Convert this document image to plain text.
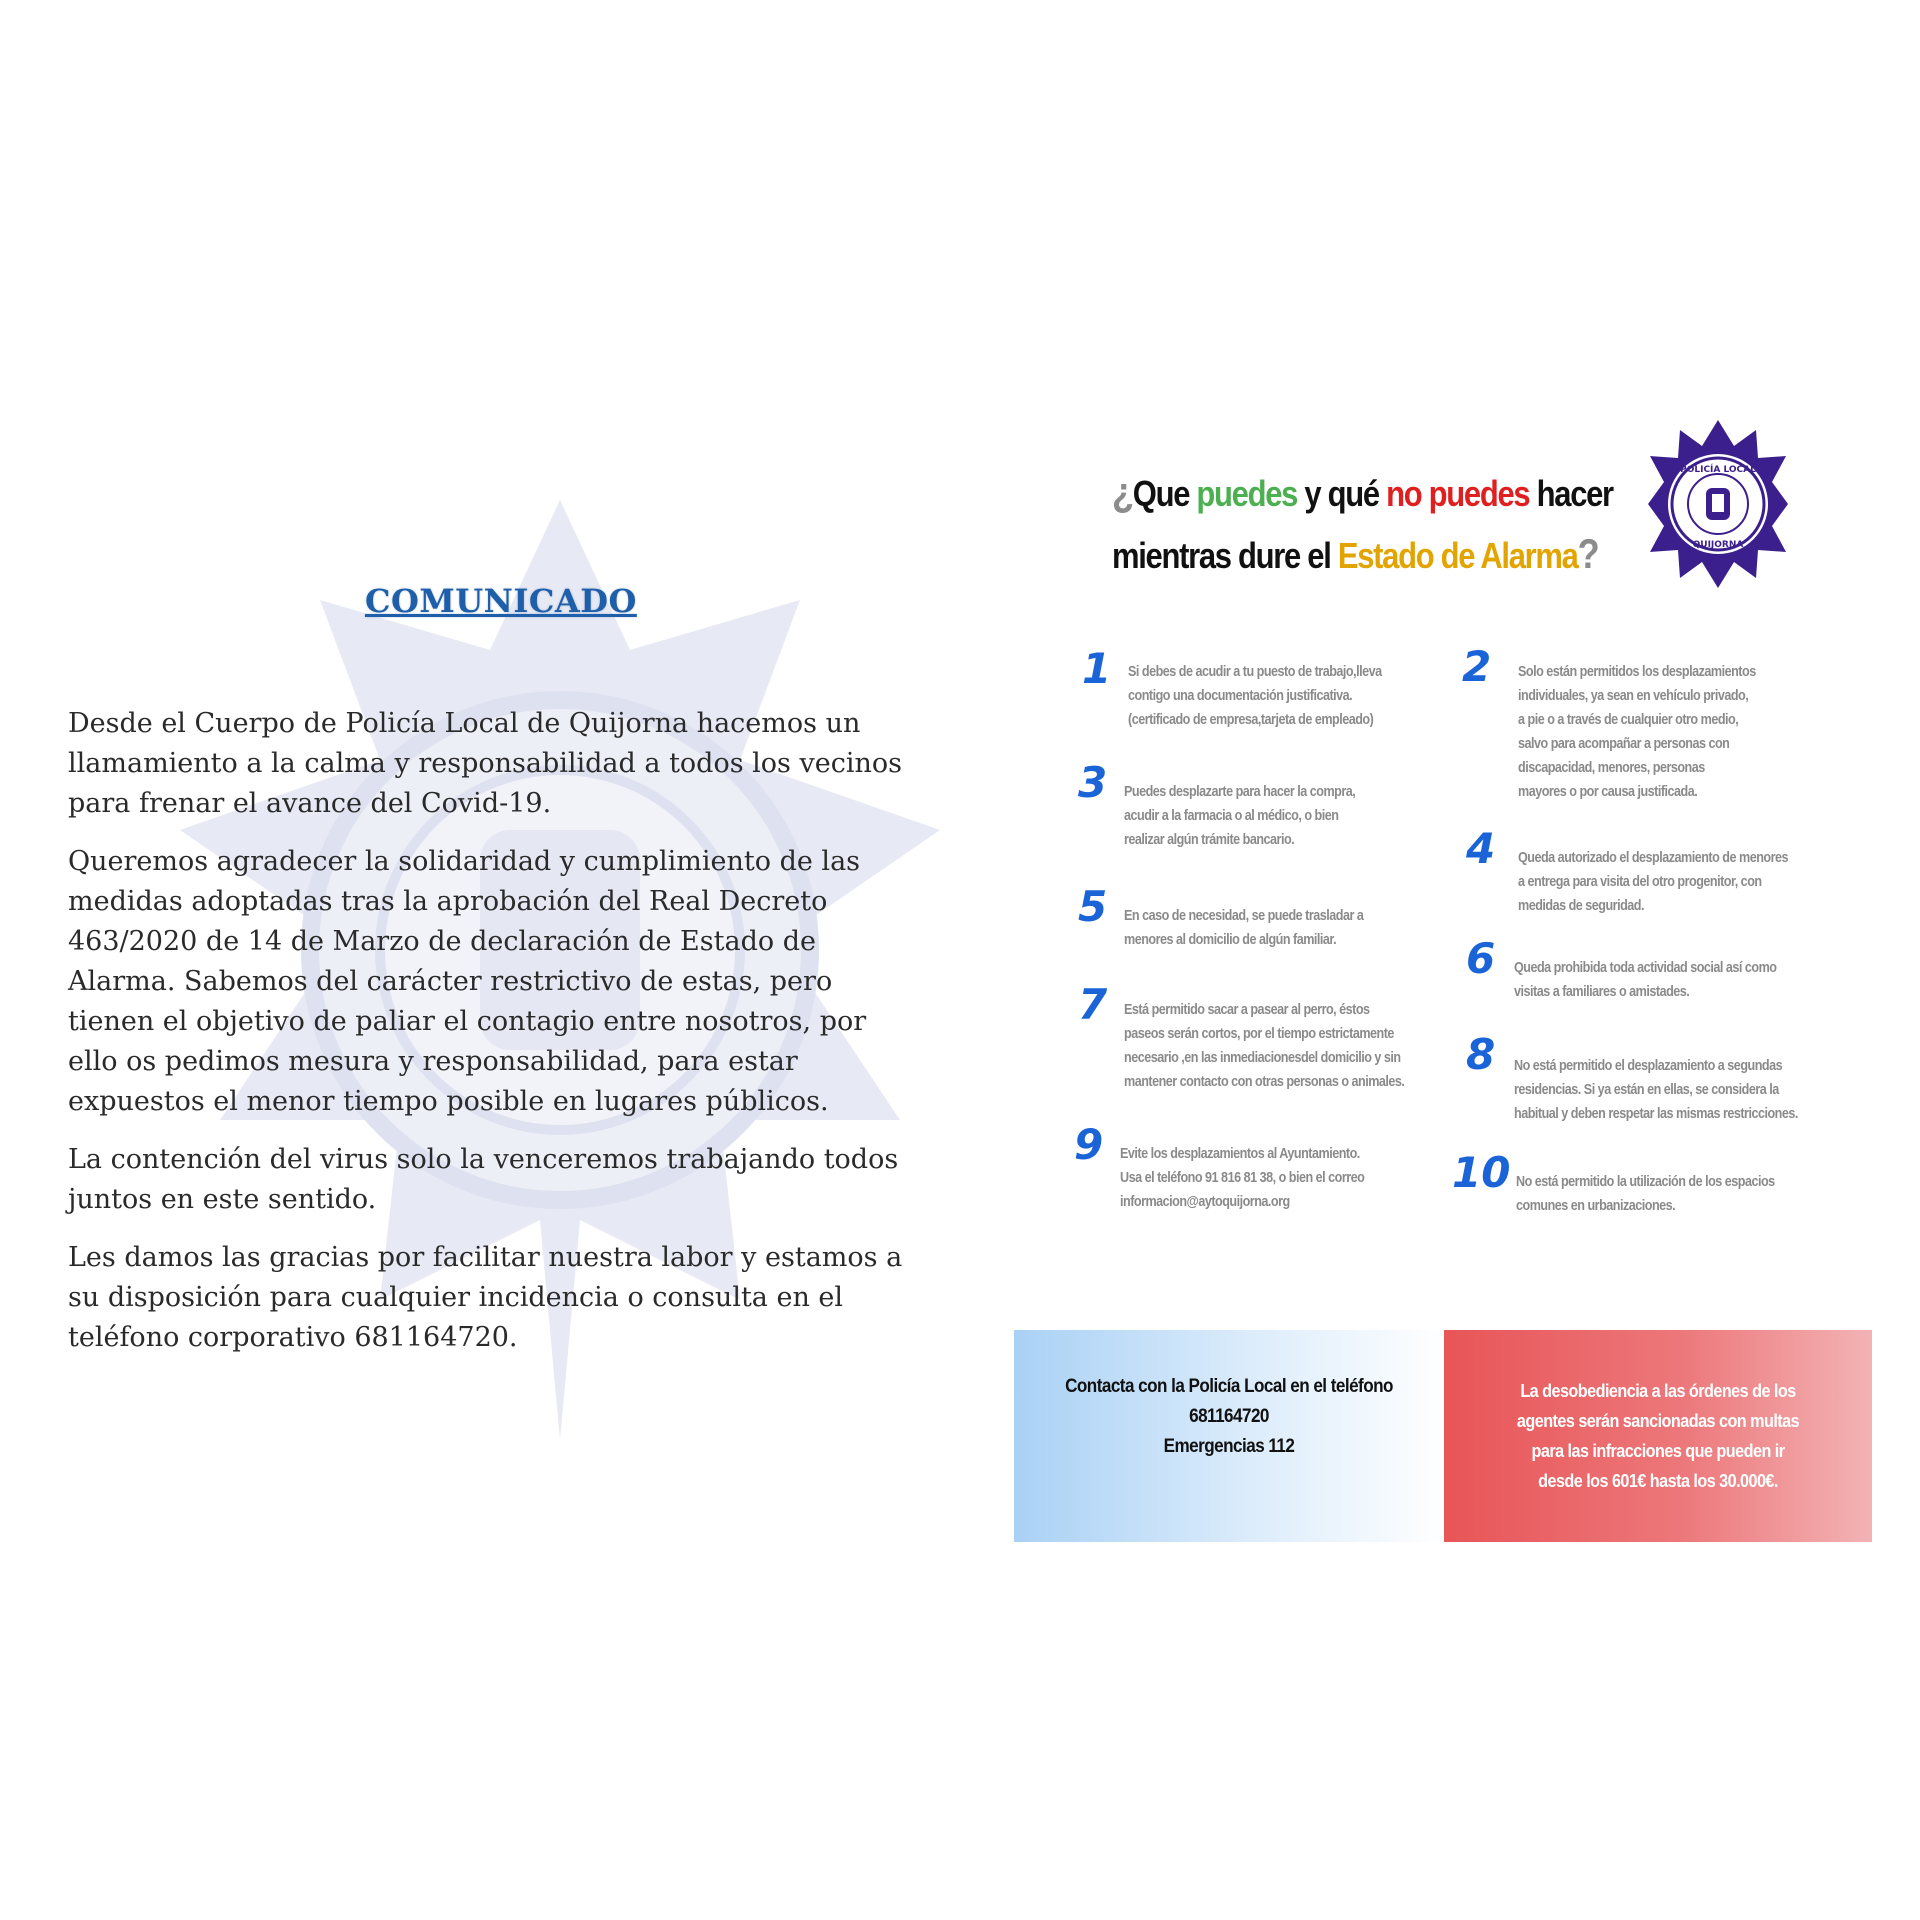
COMUNICADO

Desde el Cuerpo de Policía Local de Quijorna hacemos un llamamiento a la calma y responsabilidad a todos los vecinos para frenar el avance del Covid-19.

Queremos agradecer la solidaridad y cumplimiento de las medidas adoptadas tras la aprobación del Real Decreto 463/2020 de 14 de Marzo de declaración de Estado de Alarma. Sabemos del carácter restrictivo de estas, pero tienen el objetivo de paliar el contagio entre nosotros, por ello os pedimos mesura y responsabilidad, para estar expuestos el menor tiempo posible en lugares públicos.

La contención del virus solo la venceremos trabajando todos juntos en este sentido.

Les damos las gracias por facilitar nuestra labor y estamos a su disposición para cualquier incidencia o consulta en el teléfono corporativo 681164720.

¿Que puedes y qué no puedes hacer
mientras dure el Estado de Alarma?
POLICÍA LOCAL
QUIJORNA
1	Si debes de acudir a tu puesto de trabajo,lleva
contigo una documentación justificativa.
(certificado de empresa,tarjeta de empleado)
2	Solo están permitidos los desplazamientos
individuales, ya sean en vehículo privado,
a pie o a través de cualquier otro medio,
salvo para acompañar a personas con
discapacidad, menores, personas
mayores o por causa justificada.
3	Puedes desplazarte para hacer la compra,
acudir a la farmacia o al médico, o bien
realizar algún trámite bancario.	4	Queda autorizado el desplazamiento de menores
a entrega para visita del otro progenitor, con
medidas de seguridad.
5	En caso de necesidad, se puede trasladar a
menores al domicilio de algún familiar.	6	Queda prohibida toda actividad social así como
visitas a familiares o amistades.
7	Está permitido sacar a pasear al perro, éstos
paseos serán cortos, por el tiempo estrictamente
necesario ,en las inmediacionesdel domicilio y sin
mantener contacto con otras personas o animales.
8	No está permitido el desplazamiento a segundas
residencias. Si ya están en ellas, se considera la
habitual y deben respetar las mismas restricciones.
9	Evite los desplazamientos al Ayuntamiento.
Usa el teléfono 91 816 81 38, o bien el correo
informacion@aytoquijorna.org
10 No está permitido la utilización de los espacios
comunes en urbanizaciones.
Contacta con la Policía Local en el teléfono
681164720
Emergencias 112
La desobediencia a las órdenes de los
agentes serán sancionadas con multas
para las infracciones que pueden ir
desde los 601€ hasta los 30.000€.
